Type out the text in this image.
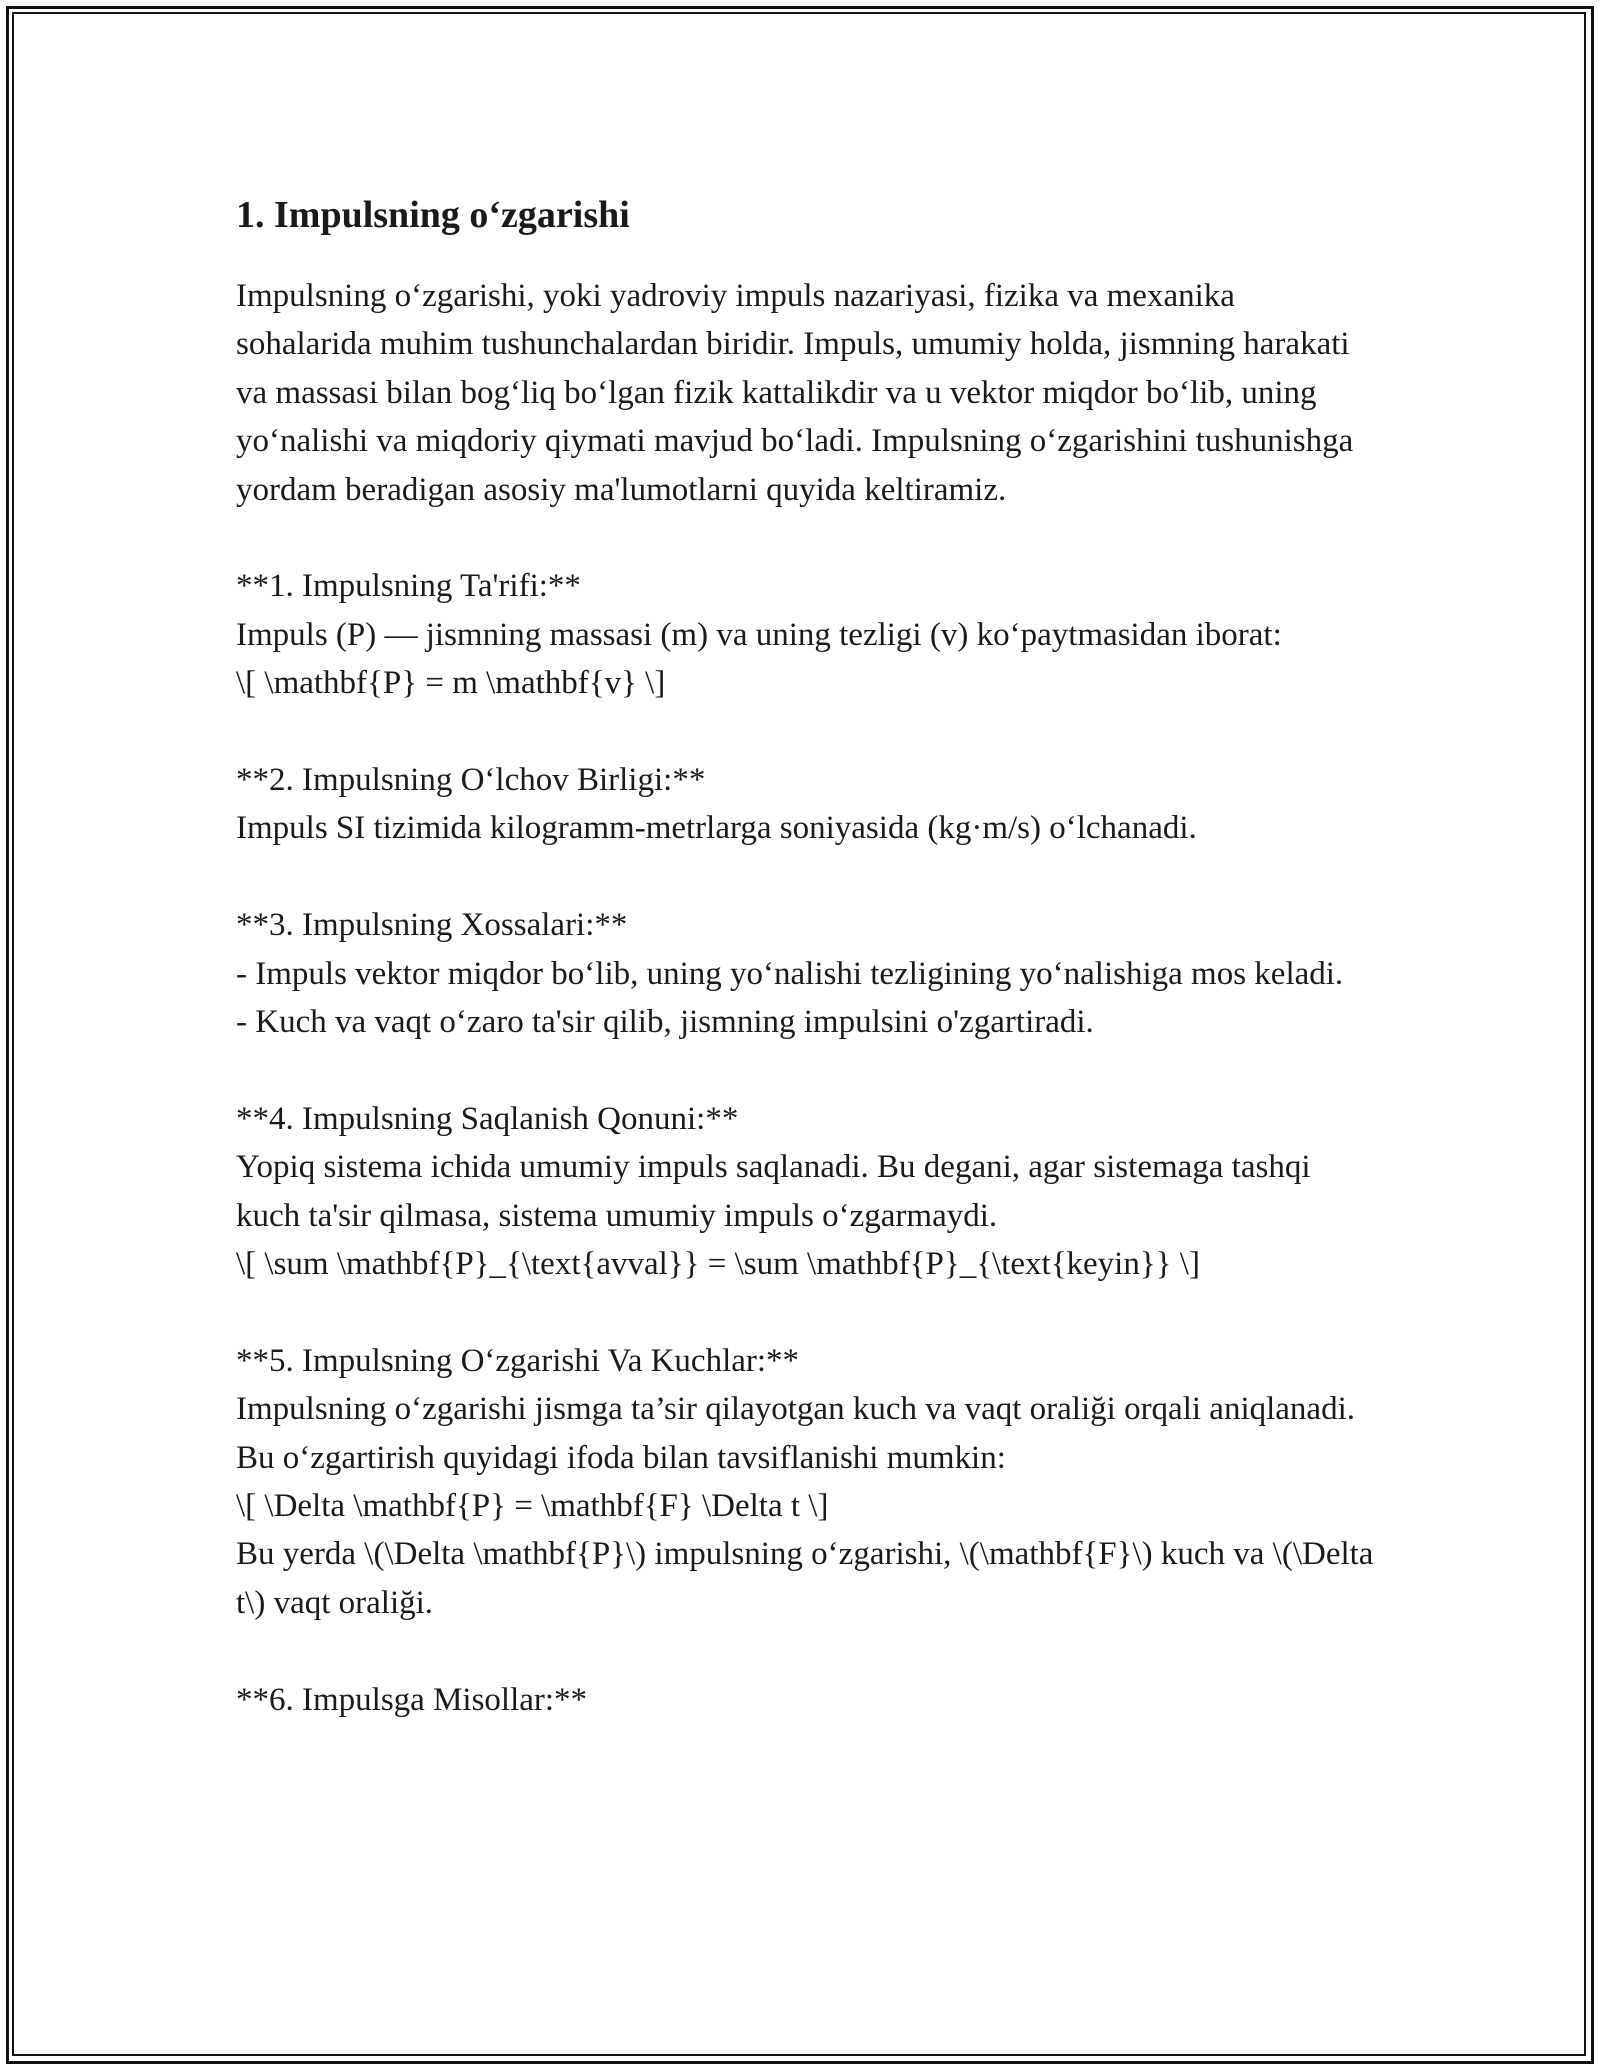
1. Impulsning o‘zgarishi

Impulsning o‘zgarishi, yoki yadroviy impuls nazariyasi, fizika va mexanika sohalarida muhim tushunchalardan biridir. Impuls, umumiy holda, jismning harakati va massasi bilan bog‘liq bo‘lgan fizik kattalikdir va u vektor miqdor bo‘lib, uning yo‘nalishi va miqdoriy qiymati mavjud bo‘ladi. Impulsning o‘zgarishini tushunishga yordam beradigan asosiy ma'lumotlarni quyida keltiramiz.

**1. Impulsning Ta'rifi:**

Impuls (P) — jismning massasi (m) va uning tezligi (v) ko‘paytmasidan iborat:

\[ \mathbf{P} = m \mathbf{v} \]

**2. Impulsning O‘lchov Birligi:**

Impuls SI tizimida kilogramm-metrlarga soniyasida (kg·m/s) o‘lchanadi.

**3. Impulsning Xossalari:**

- Impuls vektor miqdor bo‘lib, uning yo‘nalishi tezligining yo‘nalishiga mos keladi.

- Kuch va vaqt o‘zaro ta'sir qilib, jismning impulsini o'zgartiradi.

**4. Impulsning Saqlanish Qonuni:**

Yopiq sistema ichida umumiy impuls saqlanadi. Bu degani, agar sistemaga tashqi kuch ta'sir qilmasa, sistema umumiy impuls o‘zgarmaydi.

\[ \sum \mathbf{P}_{\text{avval}} = \sum \mathbf{P}_{\text{keyin}} \]

**5. Impulsning O‘zgarishi Va Kuchlar:**

Impulsning o‘zgarishi jismga ta’sir qilayotgan kuch va vaqt oraliği orqali aniqlanadi. Bu o‘zgartirish quyidagi ifoda bilan tavsiflanishi mumkin:

\[ \Delta \mathbf{P} = \mathbf{F} \Delta t \]

Bu yerda \(\Delta \mathbf{P}\) impulsning o‘zgarishi, \(\mathbf{F}\) kuch va \(\Delta t\) vaqt oraliği.

**6. Impulsga Misollar:**
